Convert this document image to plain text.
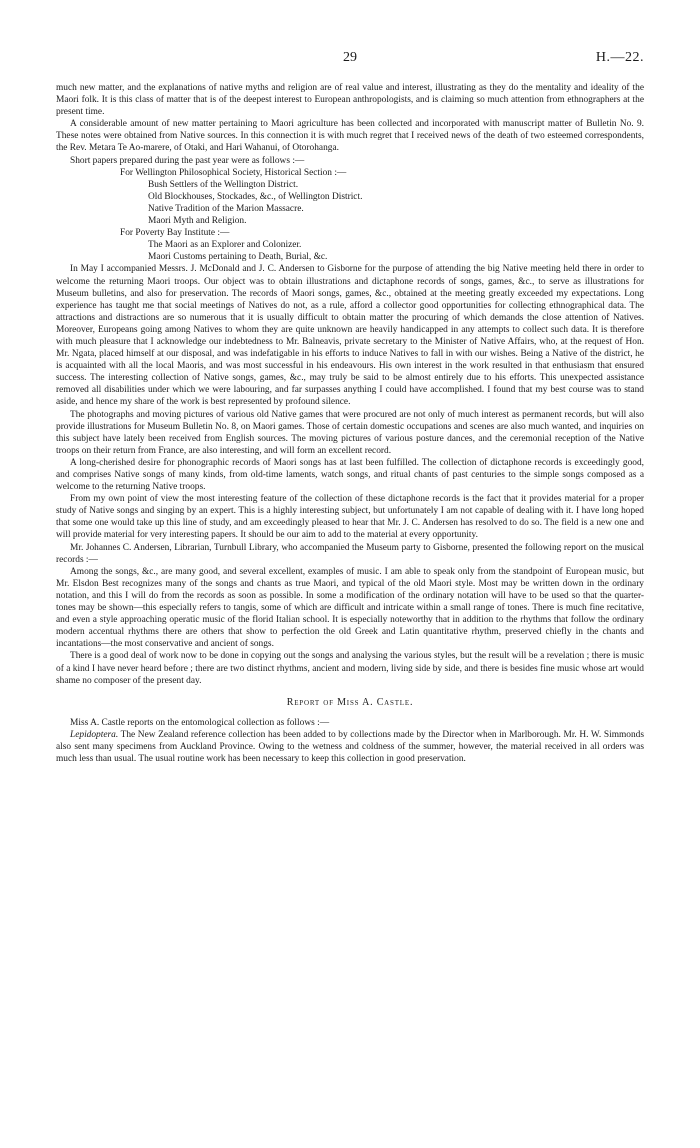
29	H.—22.

much new matter, and the explanations of native myths and religion are of real value and interest, illustrating as they do the mentality and ideality of the Maori folk. It is this class of matter that is of the deepest interest to European anthropologists, and is claiming so much attention from ethnographers at the present time.

A considerable amount of new matter pertaining to Maori agriculture has been collected and incorporated with manuscript matter of Bulletin No. 9. These notes were obtained from Native sources. In this connection it is with much regret that I received news of the death of two esteemed correspondents, the Rev. Metara Te Ao-marere, of Otaki, and Hari Wahanui, of Otorohanga.

Short papers prepared during the past year were as follows :—

For Wellington Philosophical Society, Historical Section :—
Bush Settlers of the Wellington District.
Old Blockhouses, Stockades, &c., of Wellington District.
Native Tradition of the Marion Massacre.
Maori Myth and Religion.
For Poverty Bay Institute :—
The Maori as an Explorer and Colonizer.
Maori Customs pertaining to Death, Burial, &c.

In May I accompanied Messrs. J. McDonald and J. C. Andersen to Gisborne for the purpose of attending the big Native meeting held there in order to welcome the returning Maori troops. Our object was to obtain illustrations and dictaphone records of songs, games, &c., to serve as illustrations for Museum bulletins, and also for preservation. The records of Maori songs, games, &c., obtained at the meeting greatly exceeded my expectations. Long experience has taught me that social meetings of Natives do not, as a rule, afford a collector good opportunities for collecting ethnographical data. The attractions and distractions are so numerous that it is usually difficult to obtain matter the procuring of which demands the close attention of Natives. Moreover, Europeans going among Natives to whom they are quite unknown are heavily handicapped in any attempts to collect such data. It is therefore with much pleasure that I acknowledge our indebtedness to Mr. Balneavis, private secretary to the Minister of Native Affairs, who, at the request of Hon. Mr. Ngata, placed himself at our disposal, and was indefatigable in his efforts to induce Natives to fall in with our wishes. Being a Native of the district, he is acquainted with all the local Maoris, and was most successful in his endeavours. His own interest in the work resulted in that enthusiasm that ensured success. The interesting collection of Native songs, games, &c., may truly be said to be almost entirely due to his efforts. This unexpected assistance removed all disabilities under which we were labouring, and far surpasses anything I could have accomplished. I found that my best course was to stand aside, and hence my share of the work is best represented by profound silence.

The photographs and moving pictures of various old Native games that were procured are not only of much interest as permanent records, but will also provide illustrations for Museum Bulletin No. 8, on Maori games. Those of certain domestic occupations and scenes are also much wanted, and inquiries on this subject have lately been received from English sources. The moving pictures of various posture dances, and the ceremonial reception of the Native troops on their return from France, are also interesting, and will form an excellent record.

A long-cherished desire for phonographic records of Maori songs has at last been fulfilled. The collection of dictaphone records is exceedingly good, and comprises Native songs of many kinds, from old-time laments, watch songs, and ritual chants of past centuries to the simple songs composed as a welcome to the returning Native troops.

From my own point of view the most interesting feature of the collection of these dictaphone records is the fact that it provides material for a proper study of Native songs and singing by an expert. This is a highly interesting subject, but unfortunately I am not capable of dealing with it. I have long hoped that some one would take up this line of study, and am exceedingly pleased to hear that Mr. J. C. Andersen has resolved to do so. The field is a new one and will provide material for very interesting papers. It should be our aim to add to the material at every opportunity.

Mr. Johannes C. Andersen, Librarian, Turnbull Library, who accompanied the Museum party to Gisborne, presented the following report on the musical records :—

Among the songs, &c., are many good, and several excellent, examples of music. I am able to speak only from the standpoint of European music, but Mr. Elsdon Best recognizes many of the songs and chants as true Maori, and typical of the old Maori style. Most may be written down in the ordinary notation, and this I will do from the records as soon as possible. In some a modification of the ordinary notation will have to be used so that the quarter-tones may be shown—this especially refers to tangis, some of which are difficult and intricate within a small range of tones. There is much fine recitative, and even a style approaching operatic music of the florid Italian school. It is especially noteworthy that in addition to the rhythms that follow the ordinary modern accentual rhythms there are others that show to perfection the old Greek and Latin quantitative rhythm, preserved chiefly in the chants and incantations—the most conservative and ancient of songs.

There is a good deal of work now to be done in copying out the songs and analysing the various styles, but the result will be a revelation ; there is music of a kind I have never heard before ; there are two distinct rhythms, ancient and modern, living side by side, and there is besides fine music whose art would shame no composer of the present day.

Report of Miss A. Castle.

Miss A. Castle reports on the entomological collection as follows :—

Lepidoptera. The New Zealand reference collection has been added to by collections made by the Director when in Marlborough. Mr. H. W. Simmonds also sent many specimens from Auckland Province. Owing to the wetness and coldness of the summer, however, the material received in all orders was much less than usual. The usual routine work has been necessary to keep this collection in good preservation.
